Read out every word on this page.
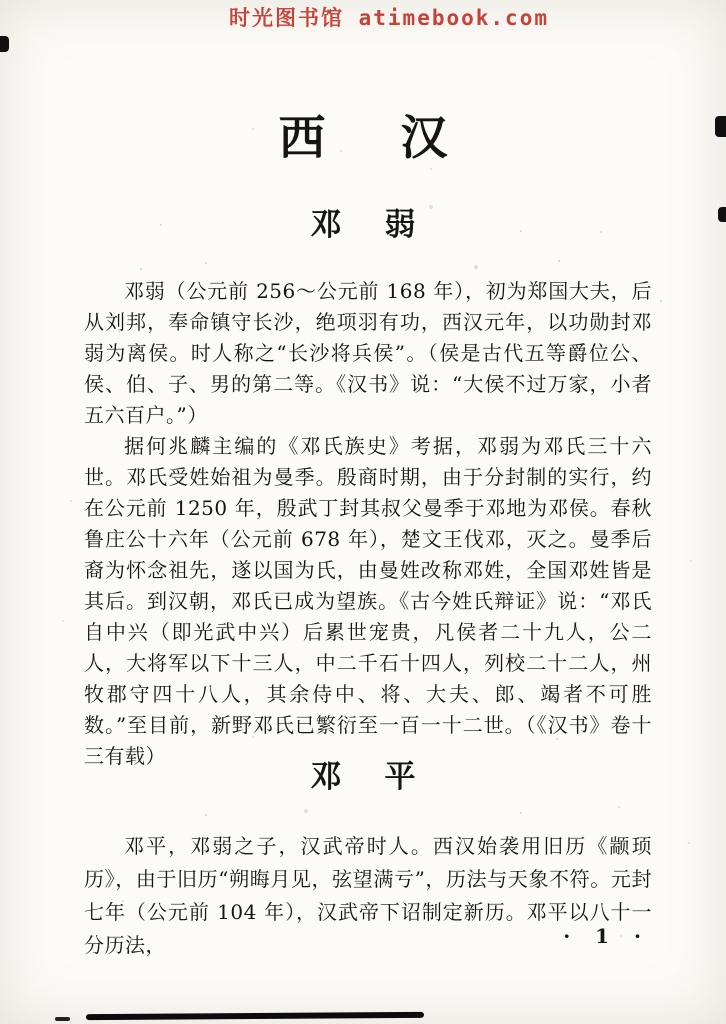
时光图书馆 atimebook.com
西　汉
邓　弱

邓弱（公元前 256～公元前 168 年），初为郑国大夫，后从刘邦，奉命镇守长沙，绝项羽有功，西汉元年，以功勋封邓弱为离侯。时人称之“长沙将兵侯”。（侯是古代五等爵位公、侯、伯、子、男的第二等。《汉书》说：“大侯不过万家，小者五六百户。”）

据何兆麟主编的《邓氏族史》考据，邓弱为邓氏三十六世。邓氏受姓始祖为曼季。殷商时期，由于分封制的实行，约在公元前 1250 年，殷武丁封其叔父曼季于邓地为邓侯。春秋鲁庄公十六年（公元前 678 年），楚文王伐邓，灭之。曼季后裔为怀念祖先，遂以国为氏，由曼姓改称邓姓，全国邓姓皆是其后。到汉朝，邓氏已成为望族。《古今姓氏辩证》说：“邓氏自中兴（即光武中兴）后累世宠贵，凡侯者二十九人，公二人，大将军以下十三人，中二千石十四人，列校二十二人，州牧郡守四十八人，其余侍中、将、大夫、郎、竭者不可胜数。”至目前，新野邓氏已繁衍至一百一十二世。（《汉书》卷十三有载）

邓　平

邓平，邓弱之子，汉武帝时人。西汉始袭用旧历《颛顼历》，由于旧历“朔晦月见，弦望满亏”，历法与天象不符。元封七年（公元前 104 年），汉武帝下诏制定新历。邓平以八十一分历法，	· 1 ·
